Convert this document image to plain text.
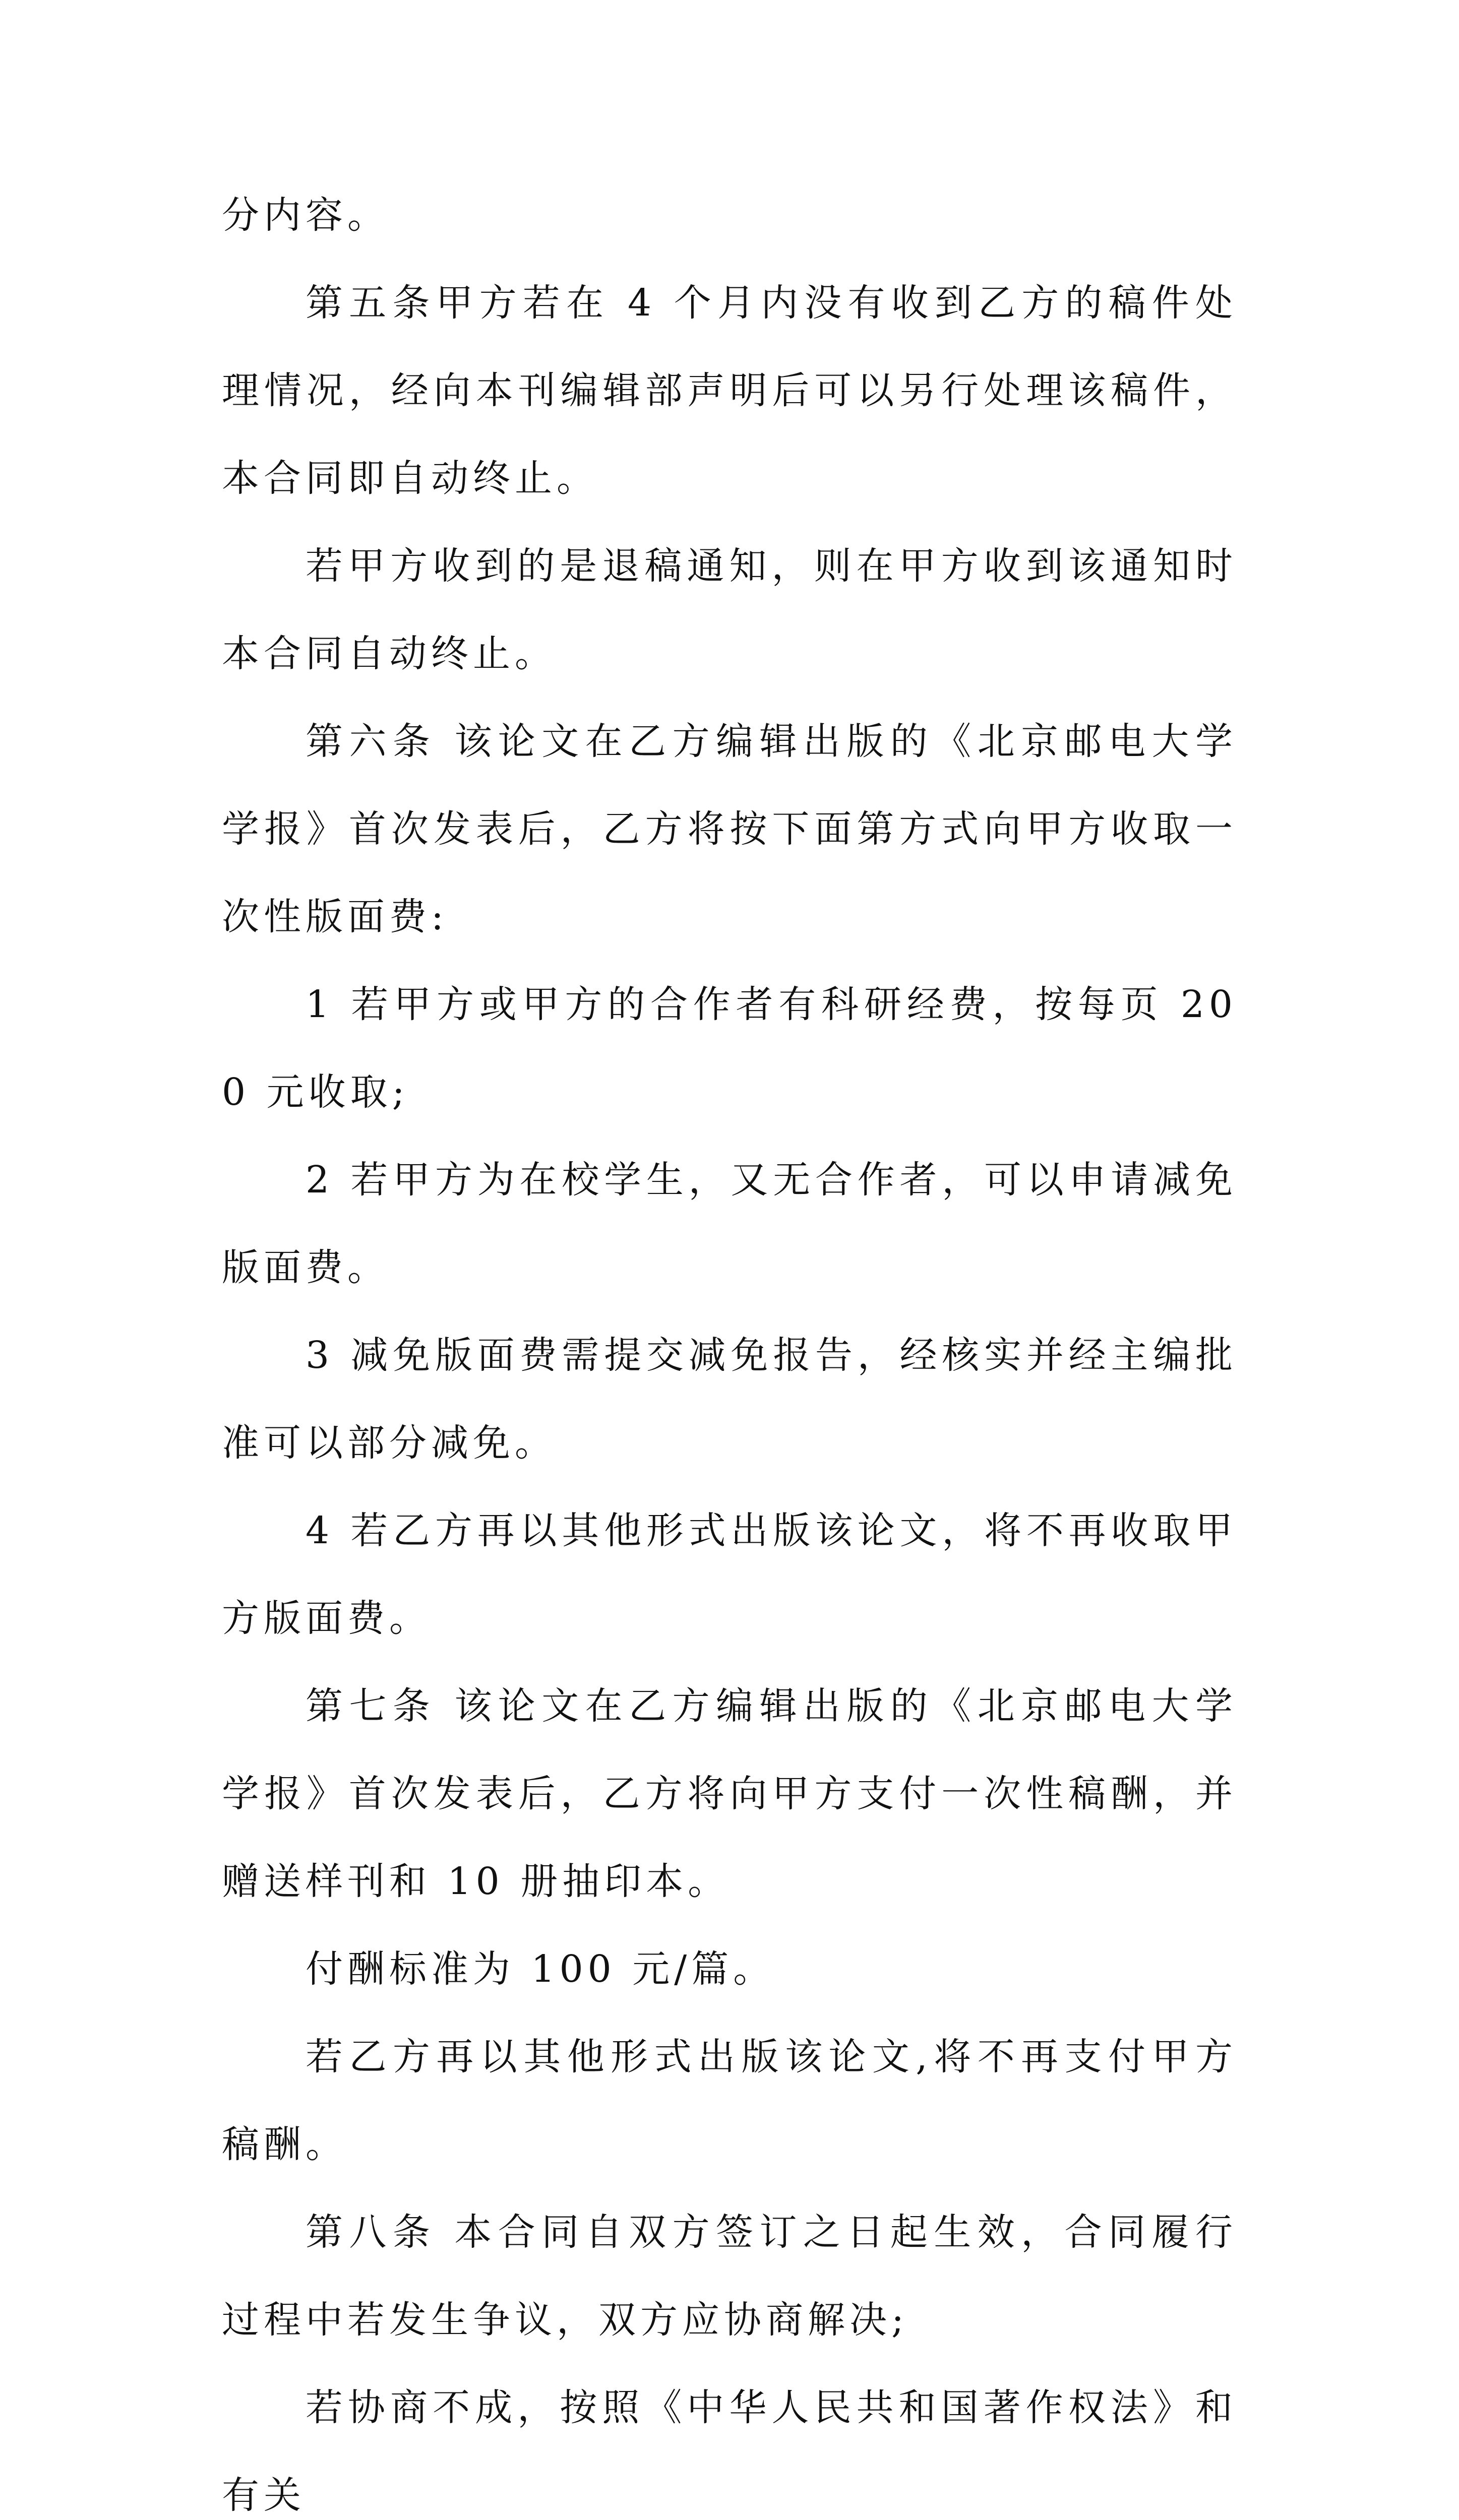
分内容。

第五条甲方若在 4 个月内没有收到乙方的稿件处理情况，经向本刊编辑部声明后可以另行处理该稿件，本合同即自动终止。

若甲方收到的是退稿通知，则在甲方收到该通知时本合同自动终止。

第六条 该论文在乙方编辑出版的《北京邮电大学学报》首次发表后，乙方将按下面第方式向甲方收取一次性版面费:

1 若甲方或甲方的合作者有科研经费，按每页 200 元收取;

2 若甲方为在校学生，又无合作者，可以申请减免版面费。

3 减免版面费需提交减免报告，经核实并经主编批准可以部分减免。

4 若乙方再以其他形式出版该论文，将不再收取甲方版面费。

第七条 该论文在乙方编辑出版的《北京邮电大学学报》首次发表后，乙方将向甲方支付一次性稿酬，并赠送样刊和 10 册抽印本。

付酬标准为 100 元/篇。

若乙方再以其他形式出版该论文,将不再支付甲方稿酬。

第八条 本合同自双方签订之日起生效，合同履行过程中若发生争议，双方应协商解决;

若协商不成，按照《中华人民共和国著作权法》和有关
